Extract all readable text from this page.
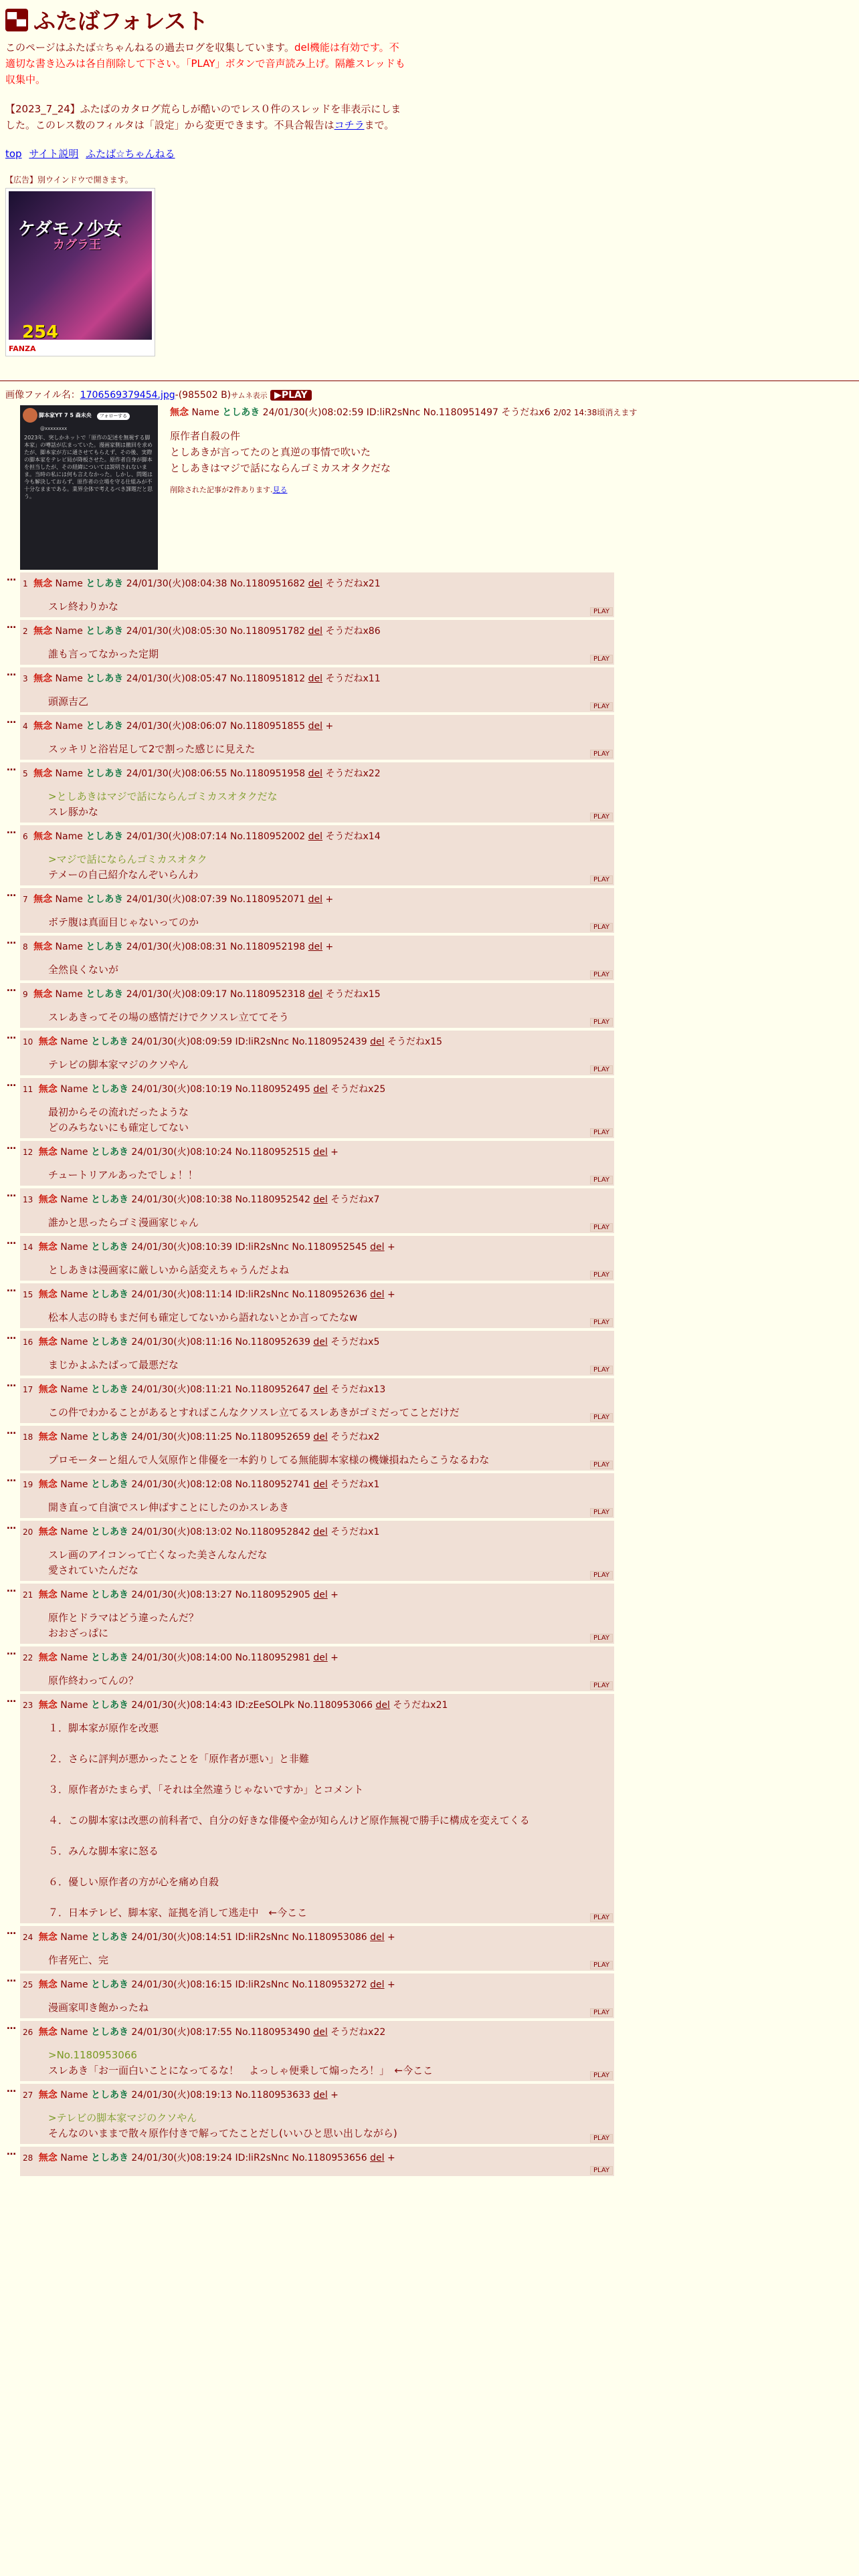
▀▄ ふたばフォレスト

このページはふたば☆ちゃんねるの過去ログを収集しています。del機能は有効です。不適切な書き込みは各自削除して下さい。「PLAY」ボタンで音声読み上げ。隔離スレッドも収集中。

【2023_7_24】ふたばのカタログ荒らしが酷いのでレス０件のスレッドを非表示にしました。このレス数のフィルタは「設定」から変更できます。不具合報告はコチラまで。

top サイト説明 ふたば☆ちゃんねる
【広告】別ウインドウで開きます。
ケダモノ少女
カグラ王
254
FANZA
画像ファイル名：1706569379454.jpg-(985502 B)サムネ表示 ▶PLAY
脚本家YT 7 5 森未央 フォローする
@xxxxxxxx
2023年、突しかネットで「原作の記述を無視する脚本家」の噂話が広まっていた。漫画家側は撤回を求めたが、脚本家が方に通させてもらえず、その後、実際の脚本家をテレビ局が降板させた。原作者自身が脚本を担当したが、その経緯については説明されないまま。当時の私には何も言えなかった。しかし、問題は今も解決しておらず、原作者の立場を守る仕組みが不十分なままである。業界全体で考えるべき課題だと思う。
無念 Name としあき 24/01/30(火)08:02:59 ID:liR2sNnc No.1180951497 そうだねx6 2/02 14:38頃消えます
原作者自殺の件
としあきが言ってたのと真逆の事情で吹いた
としあきはマジで話にならんゴミカスオタクだな
削除された記事が2件あります.見る
…
1 無念 Name としあき 24/01/30(火)08:04:38 No.1180951682 del そうだねx21
スレ終わりかな	PLAY
…
2 無念 Name としあき 24/01/30(火)08:05:30 No.1180951782 del そうだねx86
誰も言ってなかった定期	PLAY
…
3 無念 Name としあき 24/01/30(火)08:05:47 No.1180951812 del そうだねx11
頭源吉乙	PLAY
…
4 無念 Name としあき 24/01/30(火)08:06:07 No.1180951855 del +
スッキリと浴岩足して2で割った感じに見えた	PLAY
…
5 無念 Name としあき 24/01/30(火)08:06:55 No.1180951958 del そうだねx22
>としあきはマジで話にならんゴミカスオタクだな
スレ豚かな	PLAY
…
6 無念 Name としあき 24/01/30(火)08:07:14 No.1180952002 del そうだねx14
>マジで話にならんゴミカスオタク
テメーの自己紹介なんぞいらんわ	PLAY
…
7 無念 Name としあき 24/01/30(火)08:07:39 No.1180952071 del +
ボテ腹は真面目じゃないってのか	PLAY
…
8 無念 Name としあき 24/01/30(火)08:08:31 No.1180952198 del +
全然良くないが	PLAY
…
9 無念 Name としあき 24/01/30(火)08:09:17 No.1180952318 del そうだねx15
スレあきってその場の感情だけでクソスレ立ててそう	PLAY
…
10 無念 Name としあき 24/01/30(火)08:09:59 ID:liR2sNnc No.1180952439 del そうだねx15
テレビの脚本家マジのクソやん	PLAY
…
11 無念 Name としあき 24/01/30(火)08:10:19 No.1180952495 del そうだねx25
最初からその流れだったような
どのみちないにも確定してない	PLAY
…
12 無念 Name としあき 24/01/30(火)08:10:24 No.1180952515 del +
チュートリアルあったでしょ！！	PLAY
…
13 無念 Name としあき 24/01/30(火)08:10:38 No.1180952542 del そうだねx7
誰かと思ったらゴミ漫画家じゃん	PLAY
…
14 無念 Name としあき 24/01/30(火)08:10:39 ID:liR2sNnc No.1180952545 del +
としあきは漫画家に厳しいから話変えちゃうんだよね	PLAY
…
15 無念 Name としあき 24/01/30(火)08:11:14 ID:liR2sNnc No.1180952636 del +
松本人志の時もまだ何も確定してないから語れないとか言ってたなw	PLAY
…
16 無念 Name としあき 24/01/30(火)08:11:16 No.1180952639 del そうだねx5
まじかよふたばって最悪だな	PLAY
…
17 無念 Name としあき 24/01/30(火)08:11:21 No.1180952647 del そうだねx13
この件でわかることがあるとすればこんなクソスレ立てるスレあきがゴミだってことだけだ	PLAY
…
18 無念 Name としあき 24/01/30(火)08:11:25 No.1180952659 del そうだねx2
プロモーターと組んで人気原作と俳優を一本釣りしてる無能脚本家様の機嫌損ねたらこうなるわな	PLAY
…
19 無念 Name としあき 24/01/30(火)08:12:08 No.1180952741 del そうだねx1
開き直って自演でスレ伸ばすことにしたのかスレあき	PLAY
…
20 無念 Name としあき 24/01/30(火)08:13:02 No.1180952842 del そうだねx1
スレ画のアイコンって亡くなった美さんなんだな
愛されていたんだな	PLAY
…
21 無念 Name としあき 24/01/30(火)08:13:27 No.1180952905 del +
原作とドラマはどう違ったんだ？
おおざっぱに	PLAY
…
22 無念 Name としあき 24/01/30(火)08:14:00 No.1180952981 del +
原作終わってんの？	PLAY
…
23 無念 Name としあき 24/01/30(火)08:14:43 ID:zEeSOLPk No.1180953066 del そうだねx21
１．脚本家が原作を改悪
２．さらに評判が悪かったことを「原作者が悪い」と非難
３．原作者がたまらず、「それは全然違うじゃないですか」とコメント
４．この脚本家は改悪の前科者で、自分の好きな俳優や金が知らんけど原作無視で勝手に構成を変えてくる
５．みんな脚本家に怒る
６．優しい原作者の方が心を痛め自殺
７．日本テレビ、脚本家、証拠を消して逃走中　←今ここ	PLAY
…
24 無念 Name としあき 24/01/30(火)08:14:51 ID:liR2sNnc No.1180953086 del +
作者死亡、完	PLAY
…
25 無念 Name としあき 24/01/30(火)08:16:15 ID:liR2sNnc No.1180953272 del +
漫画家叩き飽かったね	PLAY
…
26 無念 Name としあき 24/01/30(火)08:17:55 No.1180953490 del そうだねx22
>No.1180953066
スレあき「お一面白いことになってるな！　よっしゃ便乗して煽ったろ！」　←今ここ	PLAY
…
27 無念 Name としあき 24/01/30(火)08:19:13 No.1180953633 del +
>テレビの脚本家マジのクソやん
そんなのいままで散々原作付きで解ってたことだし(いいひと思い出しながら)	PLAY
…
28 無念 Name としあき 24/01/30(火)08:19:24 ID:liR2sNnc No.1180953656 del +
PLAY
